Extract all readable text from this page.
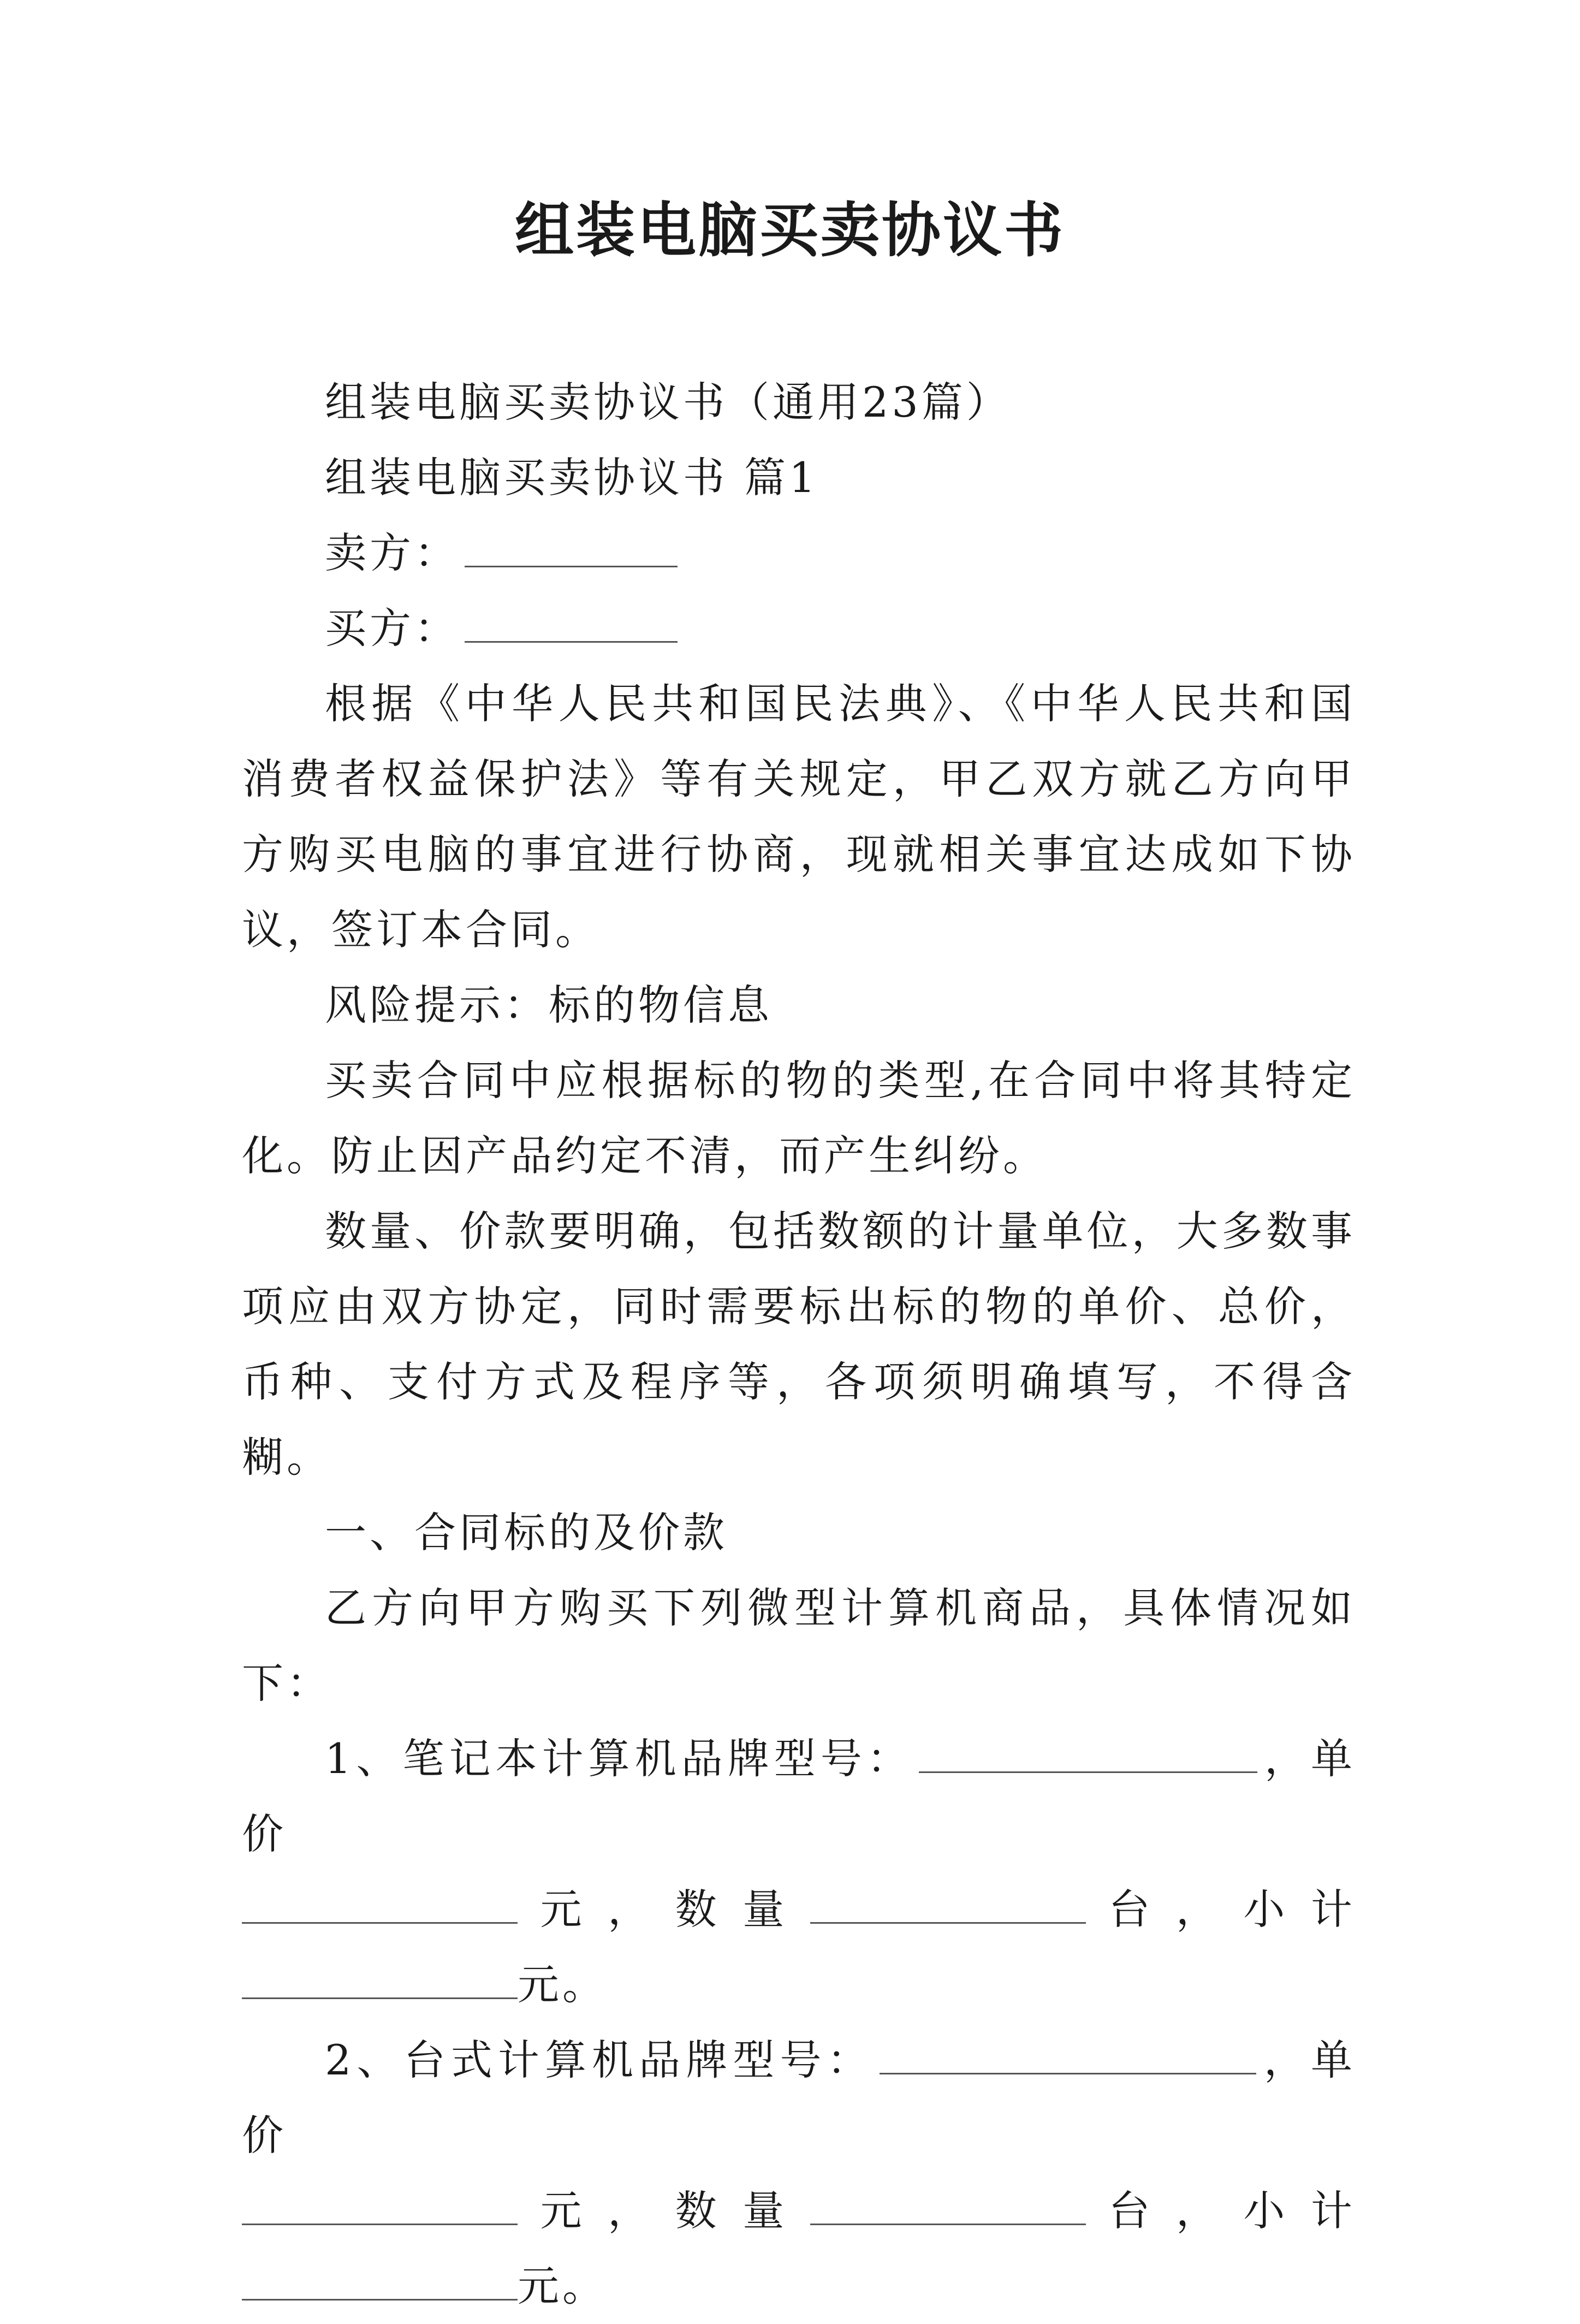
组装电脑买卖协议书

组装电脑买卖协议书（通用23篇）

组装电脑买卖协议书 篇1

卖方：

买方：

根据《中华人民共和国民法典》、《中华人民共和国消费者权益保护法》等有关规定，甲乙双方就乙方向甲方购买电脑的事宜进行协商，现就相关事宜达成如下协议，签订本合同。

风险提示：标的物信息

买卖合同中应根据标的物的类型,在合同中将其特定化。防止因产品约定不清，而产生纠纷。

数量、价款要明确，包括数额的计量单位，大多数事项应由双方协定，同时需要标出标的物的单价、总价，币种、支付方式及程序等，各项须明确填写，不得含糊。

一、合同标的及价款

乙方向甲方购买下列微型计算机商品，具体情况如下：

1、笔记本计算机品牌型号：	，单价

元 ， 数 量	台 ， 小 计

元。

2、台式计算机品牌型号：	，单价

元 ， 数 量	台 ， 小 计

元。
